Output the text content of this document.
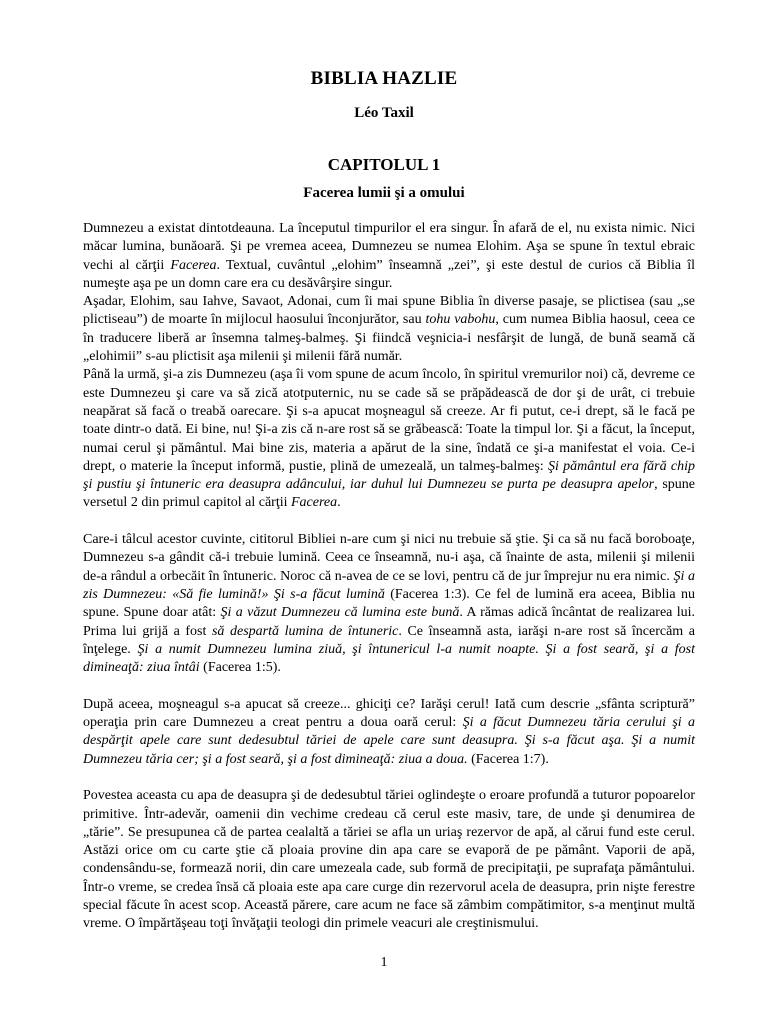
BIBLIA HAZLIE
Léo Taxil
CAPITOLUL 1
Facerea lumii şi a omului

Dumnezeu a existat dintotdeauna. La începutul timpurilor el era singur. În afară de el, nu exista nimic. Nici măcar lumina, bunăoară. Şi pe vremea aceea, Dumnezeu se numea Elohim. Aşa se spune în textul ebraic vechi al cărţii Facerea. Textual, cuvântul „elohim” înseamnă „zei”, şi este destul de curios că Biblia îl numeşte aşa pe un domn care era cu desăvârşire singur.

Aşadar, Elohim, sau Iahve, Savaot, Adonai, cum îi mai spune Biblia în diverse pasaje, se plictisea (sau „se plictiseau”) de moarte în mijlocul haosului înconjurător, sau tohu vabohu, cum numea Biblia haosul, ceea ce în traducere liberă ar însemna talmeş-balmeş. Şi fiindcă veşnicia-i nesfârşit de lungă, de bună seamă că „elohimii” s-au plictisit aşa milenii şi milenii fără număr.

Până la urmă, şi-a zis Dumnezeu (aşa îi vom spune de acum încolo, în spiritul vremurilor noi) că, devreme ce este Dumnezeu şi care va să zică atotputernic, nu se cade să se prăpădească de dor şi de urât, ci trebuie neapărat să facă o treabă oarecare. Şi s-a apucat moşneagul să creeze. Ar fi putut, ce-i drept, să le facă pe toate dintr-o dată. Ei bine, nu! Şi-a zis că n-are rost să se grăbească: Toate la timpul lor. Şi a făcut, la început, numai cerul şi pământul. Mai bine zis, materia a apărut de la sine, îndată ce şi-a manifestat el voia. Ce-i drept, o materie la început informă, pustie, plină de umezeală, un talmeş-balmeş: Şi pământul era fără chip şi pustiu şi întuneric era deasupra adâncului, iar duhul lui Dumnezeu se purta pe deasupra apelor, spune versetul 2 din primul capitol al cărţii Facerea.

Care-i tâlcul acestor cuvinte, cititorul Bibliei n-are cum şi nici nu trebuie să ştie. Şi ca să nu facă boroboaţe, Dumnezeu s-a gândit că-i trebuie lumină. Ceea ce înseamnă, nu-i aşa, că înainte de asta, milenii şi milenii de-a rândul a orbecăit în întuneric. Noroc că n-avea de ce se lovi, pentru că de jur împrejur nu era nimic. Şi a zis Dumnezeu: «Să fie lumină!» Şi s-a făcut lumină (Facerea 1:3). Ce fel de lumină era aceea, Biblia nu spune. Spune doar atât: Şi a văzut Dumnezeu că lumina este bună. A rămas adică încântat de realizarea lui. Prima lui grijă a fost să despartă lumina de întuneric. Ce înseamnă asta, iarăşi n-are rost să încercăm a înţelege. Şi a numit Dumnezeu lumina ziuă, şi întunericul l-a numit noapte. Şi a fost seară, şi a fost dimineaţă: ziua întâi (Facerea 1:5).

După aceea, moşneagul s-a apucat să creeze... ghiciţi ce? Iarăşi cerul! Iată cum descrie „sfânta scriptură” operaţia prin care Dumnezeu a creat pentru a doua oară cerul: Şi a făcut Dumnezeu tăria cerului şi a despărţit apele care sunt dedesubtul tăriei de apele care sunt deasupra. Şi s-a făcut aşa. Şi a numit Dumnezeu tăria cer; şi a fost seară, şi a fost dimineaţă: ziua a doua. (Facerea 1:7).

Povestea aceasta cu apa de deasupra şi de dedesubtul tăriei oglindeşte o eroare profundă a tuturor popoarelor primitive. Într-adevăr, oamenii din vechime credeau că cerul este masiv, tare, de unde şi denumirea de „tărie”. Se presupunea că de partea cealaltă a tăriei se afla un uriaş rezervor de apă, al cărui fund este cerul. Astăzi orice om cu carte ştie că ploaia provine din apa care se evaporă de pe pământ. Vaporii de apă, condensându-se, formează norii, din care umezeala cade, sub formă de precipitaţii, pe suprafaţa pământului. Într-o vreme, se credea însă că ploaia este apa care curge din rezervorul acela de deasupra, prin nişte ferestre special făcute în acest scop. Această părere, care acum ne face să zâmbim compătimitor, s-a menţinut multă vreme. O împărtăşeau toţi învăţaţii teologi din primele veacuri ale creştinismului.

1
